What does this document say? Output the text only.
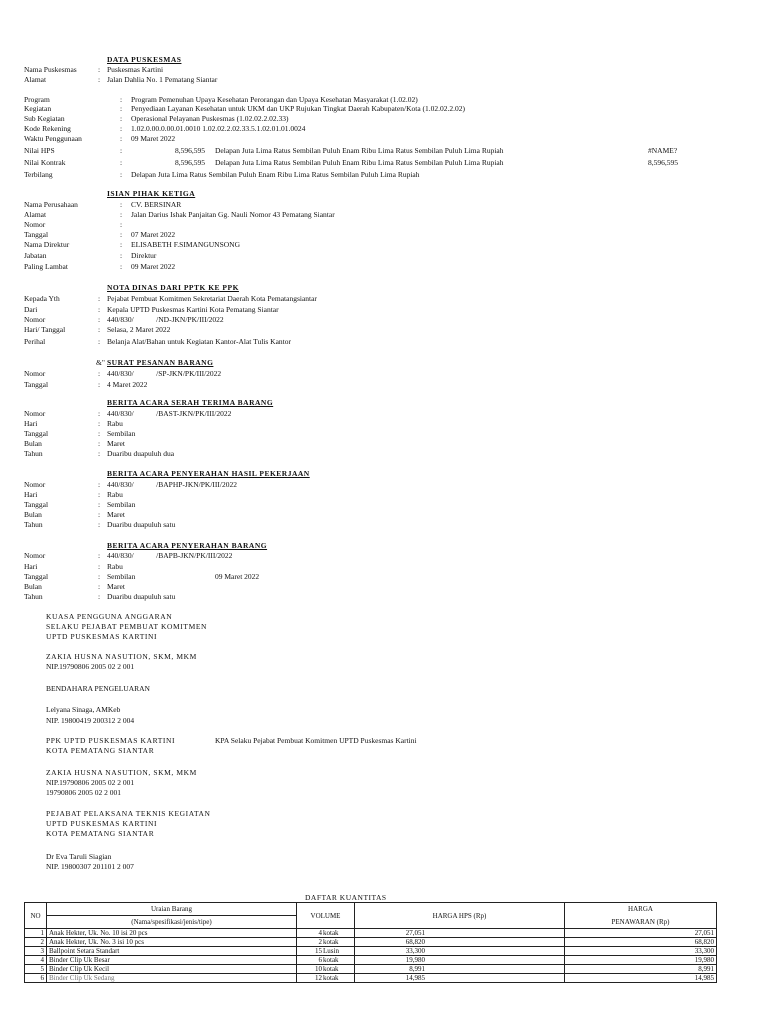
DATA PUSKESMAS
Nama Puskesmas	: Puskesmas Kartini
Alamat	: Jalan Dahlia No. 1 Pematang Siantar
Program	: Program Pemenuhan Upaya Kesehatan Perorangan dan Upaya Kesehatan Masyarakat (1.02.02)
Kegiatan	: Penyediaan Layanan Kesehatan untuk UKM dan UKP Rujukan Tingkat Daerah Kabupaten/Kota (1.02.02.2.02)
Sub Kegiatan	: Operasional Pelayanan Puskesmas (1.02.02.2.02.33)
Kode Rekening	: 1.02.0.00.0.00.01.0010 1.02.02.2.02.33.5.1.02.01.01.0024
Waktu Penggunaan	: 09 Maret 2022
Nilai HPS	:	8,596,595 Delapan Juta Lima Ratus Sembilan Puluh Enam Ribu Lima Ratus Sembilan Puluh Lima Rupiah	#NAME?
Nilai Kontrak	:	8,596,595 Delapan Juta Lima Ratus Sembilan Puluh Enam Ribu Lima Ratus Sembilan Puluh Lima Rupiah	8,596,595
Terbilang	: Delapan Juta Lima Ratus Sembilan Puluh Enam Ribu Lima Ratus Sembilan Puluh Lima Rupiah
ISIAN PIHAK KETIGA
Nama Perusahaan	: CV. BERSINAR
Alamat	: Jalan Darius Ishak Panjaitan Gg. Nauli Nomor 43 Pematang Siantar
Nomor	:
Tanggal	: 07 Maret 2022
Nama Direktur	: ELISABETH F.SIMANGUNSONG
Jabatan	: Direktur
Paling Lambat	: 09 Maret 2022
NOTA DINAS DARI PPTK KE PPK
Kepada Yth	: Pejabat Pembuat Komitmen Sekretariat Daerah Kota Pematangsiantar
Dari	: Kepala UPTD Puskesmas Kartini Kota Pematang Siantar
Nomor	: 440/830/            /ND-JKN/PK/III/2022
Hari/ Tanggal	: Selasa, 2 Maret 2022
Perihal	: Belanja Alat/Bahan untuk Kegiatan Kantor-Alat Tulis Kantor
&" SURAT PESANAN BARANG
Nomor	: 440/830/            /SP-JKN/PK/III/2022
Tanggal	: 4 Maret 2022
BERITA ACARA SERAH TERIMA BARANG
Nomor	: 440/830/            /BAST-JKN/PK/III/2022
Hari	: Rabu
Tanggal	: Sembilan
Bulan	: Maret
Tahun	: Duaribu duapuluh dua
BERITA ACARA PENYERAHAN HASIL PEKERJAAN
Nomor	: 440/830/            /BAPHP-JKN/PK/III/2022
Hari	: Rabu
Tanggal	: Sembilan
Bulan	: Maret
Tahun	: Duaribu duapuluh satu
BERITA ACARA PENYERAHAN BARANG
Nomor	: 440/830/            /BAPB-JKN/PK/III/2022
Hari	: Rabu
Tanggal	: Sembilan	09 Maret 2022
Bulan	: Maret
Tahun	: Duaribu duapuluh satu
KUASA PENGGUNA ANGGARAN
SELAKU PEJABAT PEMBUAT KOMITMEN
UPTD PUSKESMAS KARTINI
ZAKIA HUSNA NASUTION, SKM, MKM
NIP.19790806 2005 02 2 001
BENDAHARA PENGELUARAN
Lelyana Sinaga, AMKeb
NIP. 19800419 200312 2 004
PPK UPTD PUSKESMAS KARTINI	KPA Selaku Pejabat Pembuat Komitmen UPTD Puskesmas Kartini
KOTA PEMATANG SIANTAR
ZAKIA HUSNA NASUTION, SKM, MKM
NIP.19790806 2005 02 2 001
19790806 2005 02 2 001
PEJABAT PELAKSANA TEKNIS KEGIATAN
UPTD PUSKESMAS KARTINI
KOTA PEMATANG SIANTAR
Dr Eva Taruli Siagian
NIP. 19800307 201101 2 007
DAFTAR KUANTITAS
NO	Uraian Barang	VOLUME	HARGA HPS (Rp)	HARGA
	(Nama/spesifikasi/jenis/tipe)			PENAWARAN (Rp)
1	Anak Hekter, Uk. No. 10 isi 20 pcs	4kotak	27,051	27,051
2	Anak Hekter, Uk. No. 3 isi 10 pcs	2kotak	68,820	68,820
3	Ballpoint Setara Standart	15Lusin	33,300	33,300
4	Binder Clip Uk Besar	6kotak	19,980	19,980
5	Binder Clip Uk Kecil	10kotak	8,991	8,991
6	Binder Clip Uk Sedang	12kotak	14,985	14,985
